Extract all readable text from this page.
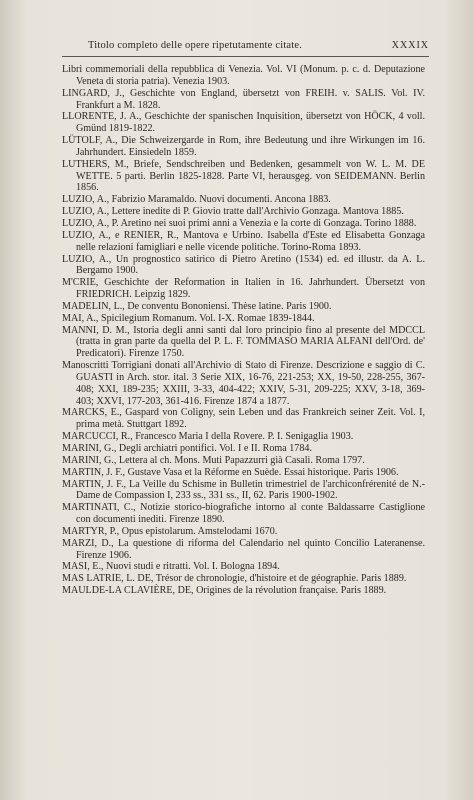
Titolo completo delle opere ripetutamente citate.	XXXIX

Libri commemoriali della repubblica di Venezia. Vol. VI (Monum. p. c. d. Deputazione Veneta di storia patria). Venezia 1903.

LINGARD, J., Geschichte von England, übersetzt von FREIH. v. SALIS. Vol. IV. Frankfurt a M. 1828.

LLORENTE, J. A., Geschichte der spanischen Inquisition, übersetzt von HÖCK, 4 voll. Gmünd 1819-1822.

LÜTOLF, A., Die Schweizergarde in Rom, ihre Bedeutung und ihre Wirkungen im 16. Jahrhundert. Einsiedeln 1859.

LUTHERS, M., Briefe, Sendschreiben und Bedenken, gesammelt von W. L. M. DE WETTE. 5 parti. Berlin 1825-1828. Parte VI, herausgeg. von SEIDEMANN. Berlin 1856.

LUZIO, A., Fabrizio Maramaldo. Nuovi documenti. Ancona 1883.

LUZIO, A., Lettere inedite di P. Giovio tratte dall'Archivio Gonzaga. Mantova 1885.

LUZIO, A., P. Aretino nei suoi primi anni a Venezia e la corte di Gonzaga. Torino 1888.

LUZIO, A., e RENIER, R., Mantova e Urbino. Isabella d'Este ed Elisabetta Gonzaga nelle relazioni famigliari e nelle vicende politiche. Torino-Roma 1893.

LUZIO, A., Un prognostico satirico di Pietro Aretino (1534) ed. ed illustr. da A. L. Bergamo 1900.

M'CRIE, Geschichte der Reformation in Italien in 16. Jahrhundert. Übersetzt von FRIEDRICH. Leipzig 1829.

MADELIN, L., De conventu Bononiensi. Thèse latine. Paris 1900.

MAI, A., Spicilegium Romanum. Vol. I-X. Romae 1839-1844.

MANNI, D. M., Istoria degli anni santi dal loro principio fino al presente del MDCCL (tratta in gran parte da quella del P. L. F. TOMMASO MARIA ALFANI dell'Ord. de' Predicatori). Firenze 1750.

Manoscritti Torrigiani donati all'Archivio di Stato di Firenze. Descrizione e saggio di C. GUASTI in Arch. stor. ital. 3 Serie XIX, 16-76, 221-253; XX, 19-50, 228-255, 367-408; XXI, 189-235; XXIII, 3-33, 404-422; XXIV, 5-31, 209-225; XXV, 3-18, 369-403; XXVI, 177-203, 361-416. Firenze 1874 a 1877.

MARCKS, E., Gaspard von Coligny, sein Leben und das Frankreich seiner Zeit. Vol. I, prima metà. Stuttgart 1892.

MARCUCCI, R., Francesco Maria I della Rovere. P. I. Senigaglia 1903.

MARINI, G., Degli archiatri pontifici. Vol. I e II. Roma 1784.

MARINI, G., Lettera al ch. Mons. Muti Papazzurri già Casali. Roma 1797.

MARTIN, J. F., Gustave Vasa et la Réforme en Suède. Essai historique. Paris 1906.

MARTIN, J. F., La Veille du Schisme in Bulletin trimestriel de l'archiconfrérenité de N.-Dame de Compassion I, 233 ss., 331 ss., II, 62. Paris 1900-1902.

MARTINATI, C., Notizie storico-biografiche intorno al conte Baldassarre Castiglione con documenti inediti. Firenze 1890.

MARTYR, P., Opus epistolarum. Amstelodami 1670.

MARZI, D., La questione di riforma del Calendario nel quinto Concilio Lateranense. Firenze 1906.

MASI, E., Nuovi studi e ritratti. Vol. I. Bologna 1894.

MAS LATRIE, L. DE, Trésor de chronologie, d'histoire et de géographie. Paris 1889.

MAULDE-LA CLAVIÈRE, DE, Origines de la révolution française. Paris 1889.
